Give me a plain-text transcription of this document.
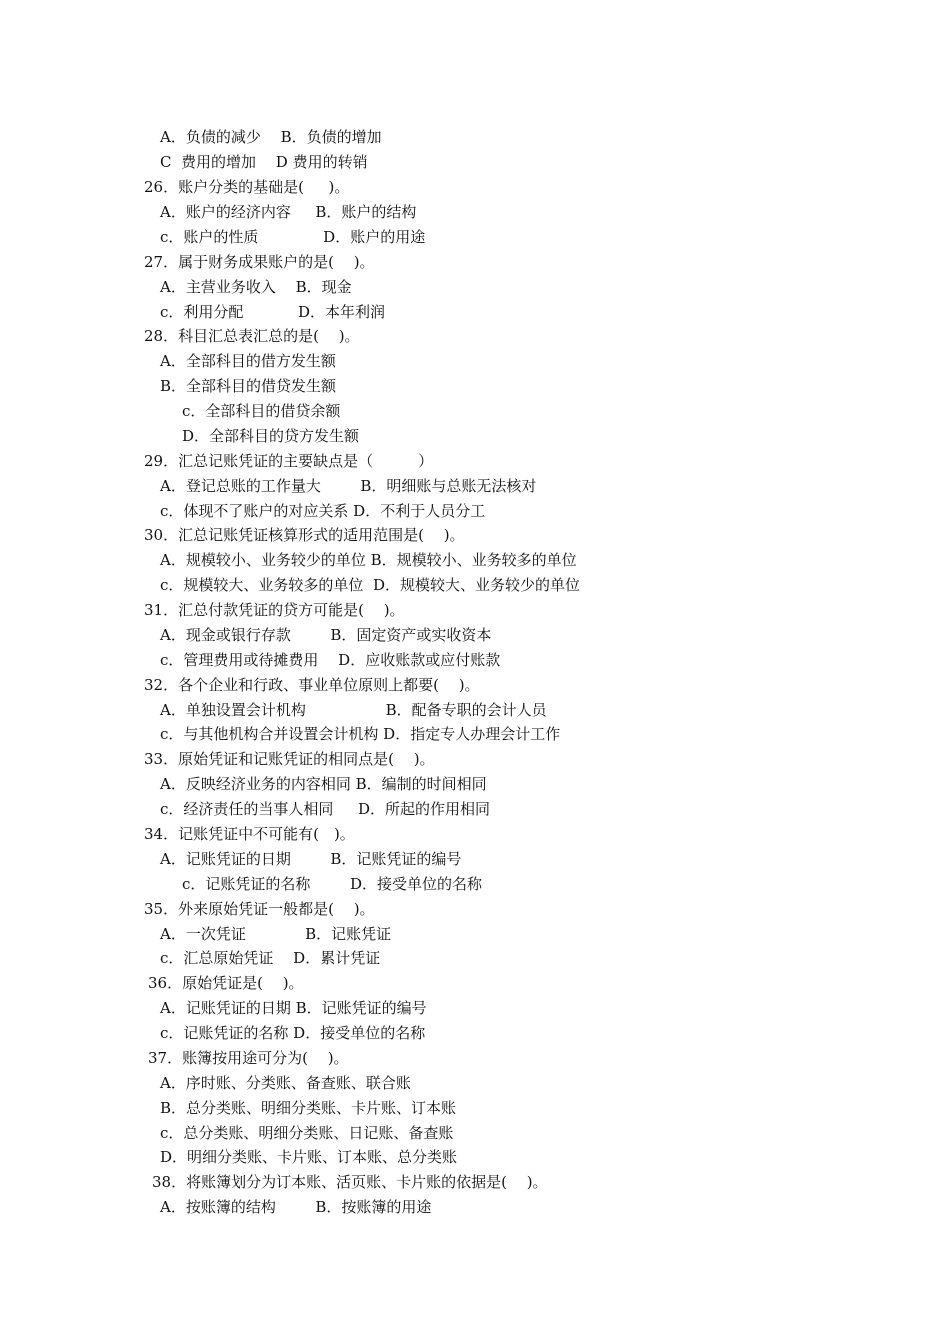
A．负债的减少 　B．负债的增加
C  费用的增加 　D 费用的转销
26．账户分类的基础是(　  )。
A．账户的经济内容 　 B．账户的结构
c．账户的性质 　　　　D．账户的用途
27．属于财务成果账户的是(　 )。
A．主营业务收入 　B．现金
c．利用分配 　　 　D．本年利润
28．科目汇总表汇总的是(　 )。
A．全部科目的借方发生额
B．全部科目的借贷发生额
c．全部科目的借贷余额
D．全部科目的贷方发生额
29．汇总记账凭证的主要缺点是（　　　）
A．登记总账的工作量大 　 　B．明细账与总账无法核对
c．体现不了账户的对应关系 D．不利于人员分工
30．汇总记账凭证核算形式的适用范围是(　 )。
A．规模较小、业务较少的单位 B．规模较小、业务较多的单位
c．规模较大、业务较多的单位  D．规模较大、业务较少的单位
31．汇总付款凭证的贷方可能是(　 )。
A．现金或银行存款 　 　B．固定资产或实收资本
c．管理费用或待摊费用 　D．应收账款或应付账款
32．各个企业和行政、事业单位原则上都要(　 )。
A．单独设置会计机构 　　　　　B．配备专职的会计人员
c．与其他机构合并设置会计机构 D．指定专人办理会计工作
33．原始凭证和记账凭证的相同点是(　 )。
A．反映经济业务的内容相同 B．编制的时间相同
c．经济责任的当事人相同 　 D．所起的作用相同
34．记账凭证中不可能有(　)。
A．记账凭证的日期 　 　B．记账凭证的编号
c．记账凭证的名称 　 　D．接受单位的名称
35．外来原始凭证一般都是(　 )。
A．一次凭证 　 　 　B．记账凭证
c．汇总原始凭证 　D．累计凭证
36．原始凭证是(　 )。
A．记账凭证的日期 B．记账凭证的编号
c．记账凭证的名称 D．接受单位的名称
37．账簿按用途可分为(　 )。
A．序时账、分类账、备查账、联合账
B．总分类账、明细分类账、卡片账、订本账
c．总分类账、明细分类账、日记账、备查账
D．明细分类账、卡片账、订本账、总分类账
38．将账簿划分为订本账、活页账、卡片账的依据是(　 )。
A．按账簿的结构 　 　B．按账簿的用途
